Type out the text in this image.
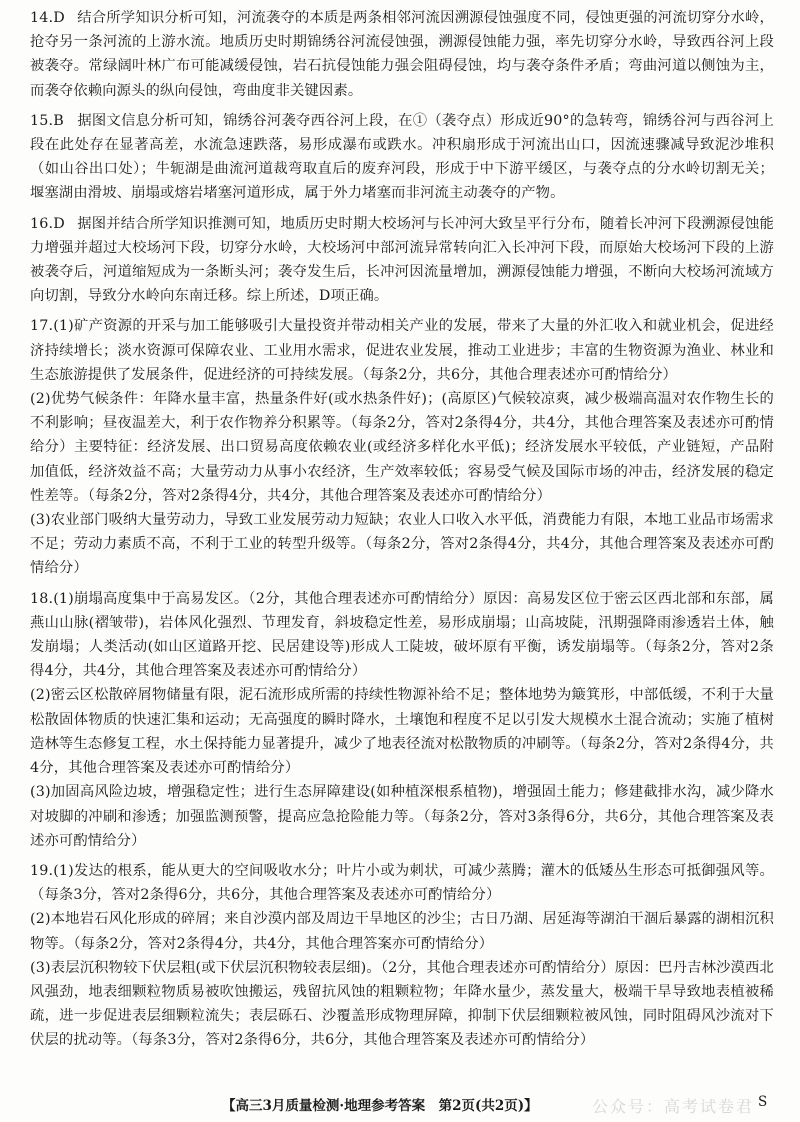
14.D 结合所学知识分析可知，河流袭夺的本质是两条相邻河流因溯源侵蚀强度不同，侵蚀更强的河流切穿分水岭，抢夺另一条河流的上游水流。地质历史时期锦绣谷河流侵蚀强，溯源侵蚀能力强，率先切穿分水岭，导致西谷河上段被袭夺。常绿阔叶林广布可能减缓侵蚀，岩石抗侵蚀能力强会阻碍侵蚀，均与袭夺条件矛盾；弯曲河道以侧蚀为主，而袭夺依赖向源头的纵向侵蚀，弯曲度非关键因素。

15.B 据图文信息分析可知，锦绣谷河袭夺西谷河上段，在①（袭夺点）形成近90°的急转弯，锦绣谷河与西谷河上段在此处存在显著高差，水流急速跌落，易形成瀑布或跌水。冲积扇形成于河流出山口，因流速骤减导致泥沙堆积（如山谷出口处）；牛轭湖是曲流河道裁弯取直后的废弃河段，形成于中下游平缓区，与袭夺点的分水岭切割无关；堰塞湖由滑坡、崩塌或熔岩堵塞河道形成，属于外力堵塞而非河流主动袭夺的产物。

16.D 据图并结合所学知识推测可知，地质历史时期大校场河与长冲河大致呈平行分布，随着长冲河下段溯源侵蚀能力增强并超过大校场河下段，切穿分水岭，大校场河中部河流异常转向汇入长冲河下段，而原始大校场河下段的上游被袭夺后，河道缩短成为一条断头河；袭夺发生后，长冲河因流量增加，溯源侵蚀能力增强，不断向大校场河流域方向切割，导致分水岭向东南迁移。综上所述，D项正确。

17.(1)矿产资源的开采与加工能够吸引大量投资并带动相关产业的发展，带来了大量的外汇收入和就业机会，促进经济持续增长；淡水资源可保障农业、工业用水需求，促进农业发展，推动工业进步；丰富的生物资源为渔业、林业和生态旅游提供了发展条件，促进经济的可持续发展。（每条2分，共6分，其他合理表述亦可酌情给分）

(2)优势气候条件：年降水量丰富，热量条件好(或水热条件好)；(高原区)气候较凉爽，减少极端高温对农作物生长的不利影响；昼夜温差大，利于农作物养分积累等。（每条2分，答对2条得4分，共4分，其他合理答案及表述亦可酌情给分）主要特征：经济发展、出口贸易高度依赖农业(或经济多样化水平低)；经济发展水平较低，产业链短，产品附加值低，经济效益不高；大量劳动力从事小农经济，生产效率较低；容易受气候及国际市场的冲击，经济发展的稳定性差等。（每条2分，答对2条得4分，共4分，其他合理答案及表述亦可酌情给分）

(3)农业部门吸纳大量劳动力，导致工业发展劳动力短缺；农业人口收入水平低，消费能力有限，本地工业品市场需求不足；劳动力素质不高，不利于工业的转型升级等。（每条2分，答对2条得4分，共4分，其他合理答案及表述亦可酌情给分）

18.(1)崩塌高度集中于高易发区。（2分，其他合理表述亦可酌情给分）原因：高易发区位于密云区西北部和东部，属燕山山脉(褶皱带)，岩体风化强烈、节理发育，斜坡稳定性差，易形成崩塌；山高坡陡，汛期强降雨渗透岩土体，触发崩塌；人类活动(如山区道路开挖、民居建设等)形成人工陡坡，破坏原有平衡，诱发崩塌等。（每条2分，答对2条得4分，共4分，其他合理答案及表述亦可酌情给分）

(2)密云区松散碎屑物储量有限，泥石流形成所需的持续性物源补给不足；整体地势为簸箕形，中部低缓，不利于大量松散固体物质的快速汇集和运动；无高强度的瞬时降水，土壤饱和程度不足以引发大规模水土混合流动；实施了植树造林等生态修复工程，水土保持能力显著提升，减少了地表径流对松散物质的冲刷等。（每条2分，答对2条得4分，共4分，其他合理答案及表述亦可酌情给分）

(3)加固高风险边坡，增强稳定性；进行生态屏障建设(如种植深根系植物)，增强固土能力；修建截排水沟，减少降水对坡脚的冲刷和渗透；加强监测预警，提高应急抢险能力等。（每条2分，答对3条得6分，共6分，其他合理答案及表述亦可酌情给分）

19.(1)发达的根系，能从更大的空间吸收水分；叶片小或为刺状，可减少蒸腾；灌木的低矮丛生形态可抵御强风等。（每条3分，答对2条得6分，共6分，其他合理答案及表述亦可酌情给分）

(2)本地岩石风化形成的碎屑；来自沙漠内部及周边干旱地区的沙尘；古日乃湖、居延海等湖泊干涸后暴露的湖相沉积物等。（每条2分，答对2条得4分，共4分，其他合理答案亦可酌情给分）

(3)表层沉积物较下伏层粗(或下伏层沉积物较表层细)。（2分，其他合理表述亦可酌情给分）原因：巴丹吉林沙漠西北风强劲，地表细颗粒物质易被吹蚀搬运，残留抗风蚀的粗颗粒物；年降水量少，蒸发量大，极端干旱导致地表植被稀疏，进一步促进表层细颗粒流失；表层砾石、沙覆盖形成物理屏障，抑制下伏层细颗粒被风蚀，同时阻碍风沙流对下伏层的扰动等。（每条3分，答对2条得6分，共6分，其他合理答案及表述亦可酌情给分）

【高三3月质量检测·地理参考答案　第2页(共2页)】	S
公众号：高考试卷君
